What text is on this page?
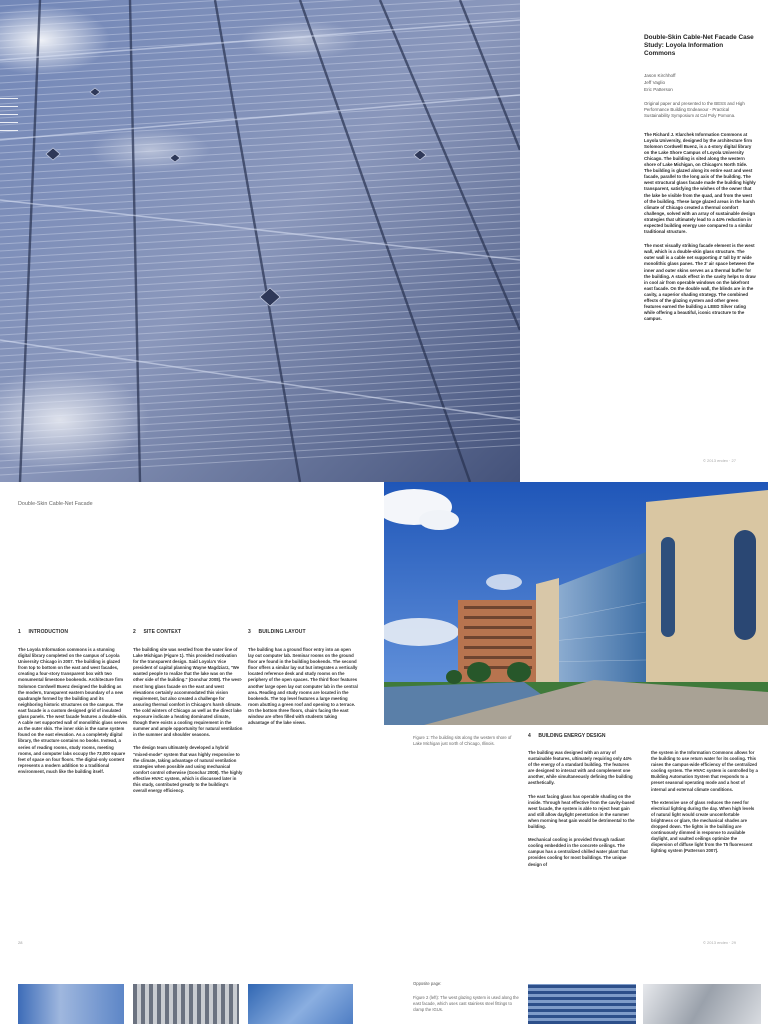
Double-Skin Cable-Net Facade Case Study: Loyola Information Commons
Jason Kirchhoff
Jeff Vaglio
Eric Patterson
Original paper and presented to the BESS and High Performance Building Endeavour - Practical Sustainability Symposium at Cal Poly Pomona.

The Richard J. Klarchek Information Commons at Loyola University, designed by the architecture firm Solomon Cordwell Buenz, is a 4-story digital library on the Lake Shore Campus of Loyola University Chicago. The building is sited along the western shore of Lake Michigan, on Chicago's North Side. The building is glazed along its entire east and west facade, parallel to the long axis of the building. The west structural glass facade made the building highly transparent, satisfying the wishes of the owner that the lake be visible from the quad, and from the west of the building. These large glazed areas in the harsh climate of Chicago created a thermal comfort challenge, solved with an array of sustainable design strategies that ultimately lead to a 44% reduction in expected building energy use compared to a similar traditional structure.

The most visually striking facade element is the west wall, which is a double-skin glass structure. The outer wall is a cable net supporting 4' tall by 8' wide monolithic glass panes. The 3' air space between the inner and outer skins serves as a thermal buffer for the building. A stack effect in the cavity helps to draw in cool air from operable windows on the lakefront east facade. On the double wall, the blinds are in the cavity, a superior shading strategy. The combined effects of the glazing system and other green features earned the building a LEED Silver rating while offering a beautiful, iconic structure to the campus.

© 2013 endex · 27
Double-Skin Cable-Net Facade
1 INTRODUCTION

The Loyola Information commons is a stunning digital library completed on the campus of Loyola University Chicago in 2007. The building is glazed from top to bottom on the east and west facades, creating a four-story transparent box with two monumental limestone bookends. Architecture firm Solomon Cordwell Buenz designed the building as the modern, transparent eastern boundary of a new quadrangle formed by the building and its neighboring historic structures on the campus. The east facade is a custom designed grid of insulated glass panels. The west facade features a double-skin. A cable net supported wall of monolithic glass serves as the outer skin. The inner skin is the same system found on the east elevation. As a completely digital library, the structure contains no books. Instead, a series of reading rooms, study rooms, meeting rooms, and computer labs occupy the 73,000 square feet of space on four floors. The digital-only content represents a modern addition to a traditional environment, much like the building itself.

2 SITE CONTEXT

The building site was nestled from the water line of Lake Michigan (Figure 1). This provided motivation for the transparent design. Said Loyola's Vice president of capital planning Wayne Magdziarz, "We wanted people to realize that the lake was on the other side of the building." (Gonchar 2008). The west-most long glass facade on the east and west elevations certainly accommodated this vision requirement, but also created a challenge for assuring thermal comfort in Chicago's harsh climate. The cold winters of Chicago as well as the direct lake exposure indicate a heating dominated climate, though there exists a cooling requirement in the summer and ample opportunity for natural ventilation in the summer and shoulder seasons.

The design team ultimately developed a hybrid "mixed-mode" system that was highly responsive to the climate, taking advantage of natural ventilation strategies when possible and using mechanical comfort control otherwise (Gonchar 2008). The highly effective HVAC system, which is discussed later in this study, contributed greatly to the building's overall energy efficiency.

3 BUILDING LAYOUT

The building has a ground floor entry into an open lay out computer lab. Seminar rooms on the ground floor are found in the building bookends. The second floor offers a similar lay out but integrates a vertically located reference desk and study rooms on the periphery of the open spaces. The third floor features another large open lay out computer lab in the central area. Reading and study rooms are located in the bookends. The top level features a large meeting room abutting a green roof and opening to a terrace. On the bottom three floors, chairs facing the east window are often filled with students taking advantage of the lake views.

Figure 1: The building sits along the western shore of Lake Michigan just north of Chicago, Illinois.
4 BUILDING ENERGY DESIGN

The building was designed with an array of sustainable features, ultimately requiring only 44% of the energy of a standard building. The features are designed to interact with and complement one another, while simultaneously defining the building aesthetically.

The east facing glass has operable shading on the inside. Through heat effective from the cavity-based west facade, the system is able to reject heat gain and still allow daylight penetration in the summer when morning heat gain would be detrimental to the building.

Mechanical cooling is provided through radiant cooling embedded in the concrete ceilings. The campus has a centralized chilled water plant that provides cooling for most buildings. The unique design of

the system in the Information Commons allows for the building to use return water for its cooling. This raises the campus-wide efficiency of the centralized cooling system. The HVAC system is controlled by a Building Automation System that responds to a preset seasonal operating mode and a host of internal and external climate conditions.

The extensive use of glass reduces the need for electrical lighting during the day. When high levels of natural light would create uncomfortable brightness or glare, the mechanical shades are dropped down. The lights in the building are continuously dimmed in response to available daylight, and vaulted ceilings optimize the dispersion of diffuse light from the T5 fluorescent lighting system (Patterson 2007).

28	© 2013 endex · 29
Opposite page:
Figure 2 (left): The west glazing system is used along the east facade, which uses cast stainless steel fittings to clamp the IGUs.
